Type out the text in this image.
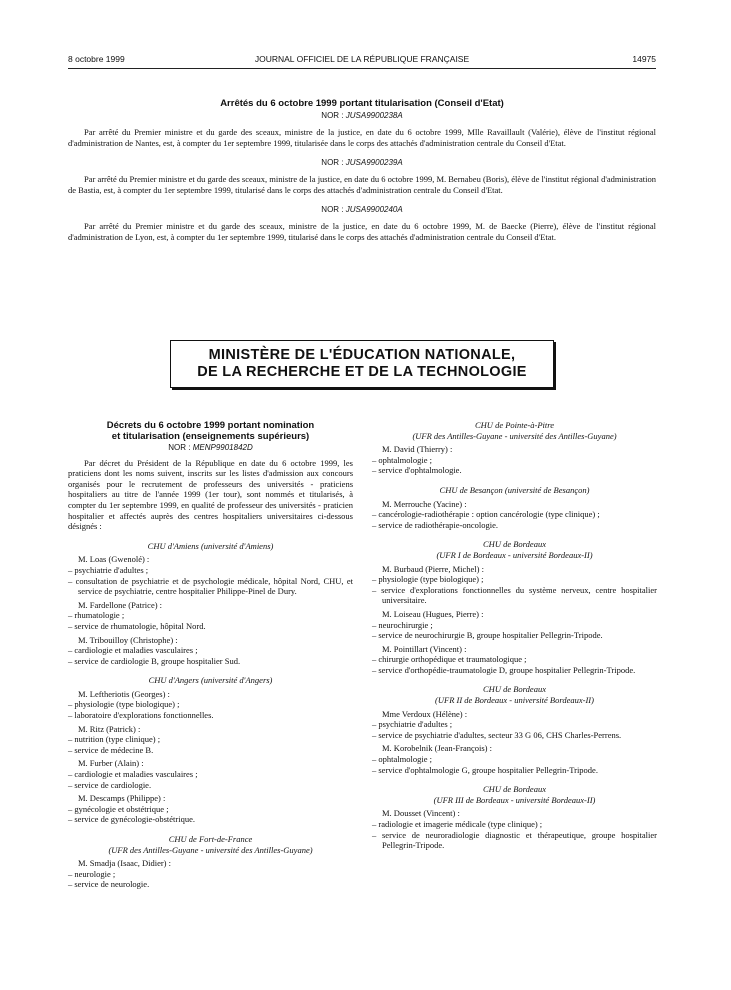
8 octobre 1999	JOURNAL OFFICIEL DE LA RÉPUBLIQUE FRANÇAISE	14975
Arrêtés du 6 octobre 1999 portant titularisation (Conseil d'Etat)
NOR : JUSA9900238A

Par arrêté du Premier ministre et du garde des sceaux, ministre de la justice, en date du 6 octobre 1999, Mlle Ravaillault (Valérie), élève de l'institut régional d'administration de Nantes, est, à compter du 1er septembre 1999, titularisée dans le corps des attachés d'administration centrale du Conseil d'Etat.

NOR : JUSA9900239A

Par arrêté du Premier ministre et du garde des sceaux, ministre de la justice, en date du 6 octobre 1999, M. Bernabeu (Boris), élève de l'institut régional d'administration de Bastia, est, à compter du 1er septembre 1999, titularisé dans le corps des attachés d'administration centrale du Conseil d'Etat.

NOR : JUSA9900240A

Par arrêté du Premier ministre et du garde des sceaux, ministre de la justice, en date du 6 octobre 1999, M. de Baecke (Pierre), élève de l'institut régional d'administration de Lyon, est, à compter du 1er septembre 1999, titularisé dans le corps des attachés d'administration centrale du Conseil d'Etat.

MINISTÈRE DE L'ÉDUCATION NATIONALE,
DE LA RECHERCHE ET DE LA TECHNOLOGIE
Décrets du 6 octobre 1999 portant nomination
et titularisation (enseignements supérieurs)
NOR : MENP9901842D
Par décret du Président de la République en date du 6 octobre 1999, les praticiens dont les noms suivent, inscrits sur les listes d'admission aux concours organisés pour le recrutement de professeurs des universités - praticiens hospitaliers au titre de l'année 1999 (1er tour), sont nommés et titularisés, à compter du 1er septembre 1999, en qualité de professeur des universités - praticien hospitalier et affectés auprès des centres hospitaliers universitaires ci-dessous désignés :
CHU d'Amiens (université d'Amiens)
M. Loas (Gwenolé) :
– psychiatrie d'adultes ;
– consultation de psychiatrie et de psychologie médicale, hôpital Nord, CHU, et service de psychiatrie, centre hospitalier Philippe-Pinel de Dury.
M. Fardellone (Patrice) :
– rhumatologie ;
– service de rhumatologie, hôpital Nord.
M. Tribouilloy (Christophe) :
– cardiologie et maladies vasculaires ;
– service de cardiologie B, groupe hospitalier Sud.
CHU d'Angers (université d'Angers)
M. Leftheriotis (Georges) :
– physiologie (type biologique) ;
– laboratoire d'explorations fonctionnelles.
M. Ritz (Patrick) :
– nutrition (type clinique) ;
– service de médecine B.
M. Furber (Alain) :
– cardiologie et maladies vasculaires ;
– service de cardiologie.
M. Descamps (Philippe) :
– gynécologie et obstétrique ;
– service de gynécologie-obstétrique.
CHU de Fort-de-France
(UFR des Antilles-Guyane - université des Antilles-Guyane)
M. Smadja (Isaac, Didier) :
– neurologie ;
– service de neurologie.
CHU de Pointe-à-Pitre
(UFR des Antilles-Guyane - université des Antilles-Guyane)
M. David (Thierry) :
– ophtalmologie ;
– service d'ophtalmologie.
CHU de Besançon (université de Besançon)
M. Merrouche (Yacine) :
– cancérologie-radiothérapie : option cancérologie (type clinique) ;
– service de radiothérapie-oncologie.
CHU de Bordeaux
(UFR I de Bordeaux - université Bordeaux-II)
M. Burbaud (Pierre, Michel) :
– physiologie (type biologique) ;
– service d'explorations fonctionnelles du système nerveux, centre hospitalier universitaire.
M. Loiseau (Hugues, Pierre) :
– neurochirurgie ;
– service de neurochirurgie B, groupe hospitalier Pellegrin-Tripode.
M. Pointillart (Vincent) :
– chirurgie orthopédique et traumatologique ;
– service d'orthopédie-traumatologie D, groupe hospitalier Pellegrin-Tripode.
CHU de Bordeaux
(UFR II de Bordeaux - université Bordeaux-II)
Mme Verdoux (Hélène) :
– psychiatrie d'adultes ;
– service de psychiatrie d'adultes, secteur 33 G 06, CHS Charles-Perrens.
M. Korobelnik (Jean-François) :
– ophtalmologie ;
– service d'ophtalmologie G, groupe hospitalier Pellegrin-Tripode.
CHU de Bordeaux
(UFR III de Bordeaux - université Bordeaux-II)
M. Dousset (Vincent) :
– radiologie et imagerie médicale (type clinique) ;
– service de neuroradiologie diagnostic et thérapeutique, groupe hospitalier Pellegrin-Tripode.
